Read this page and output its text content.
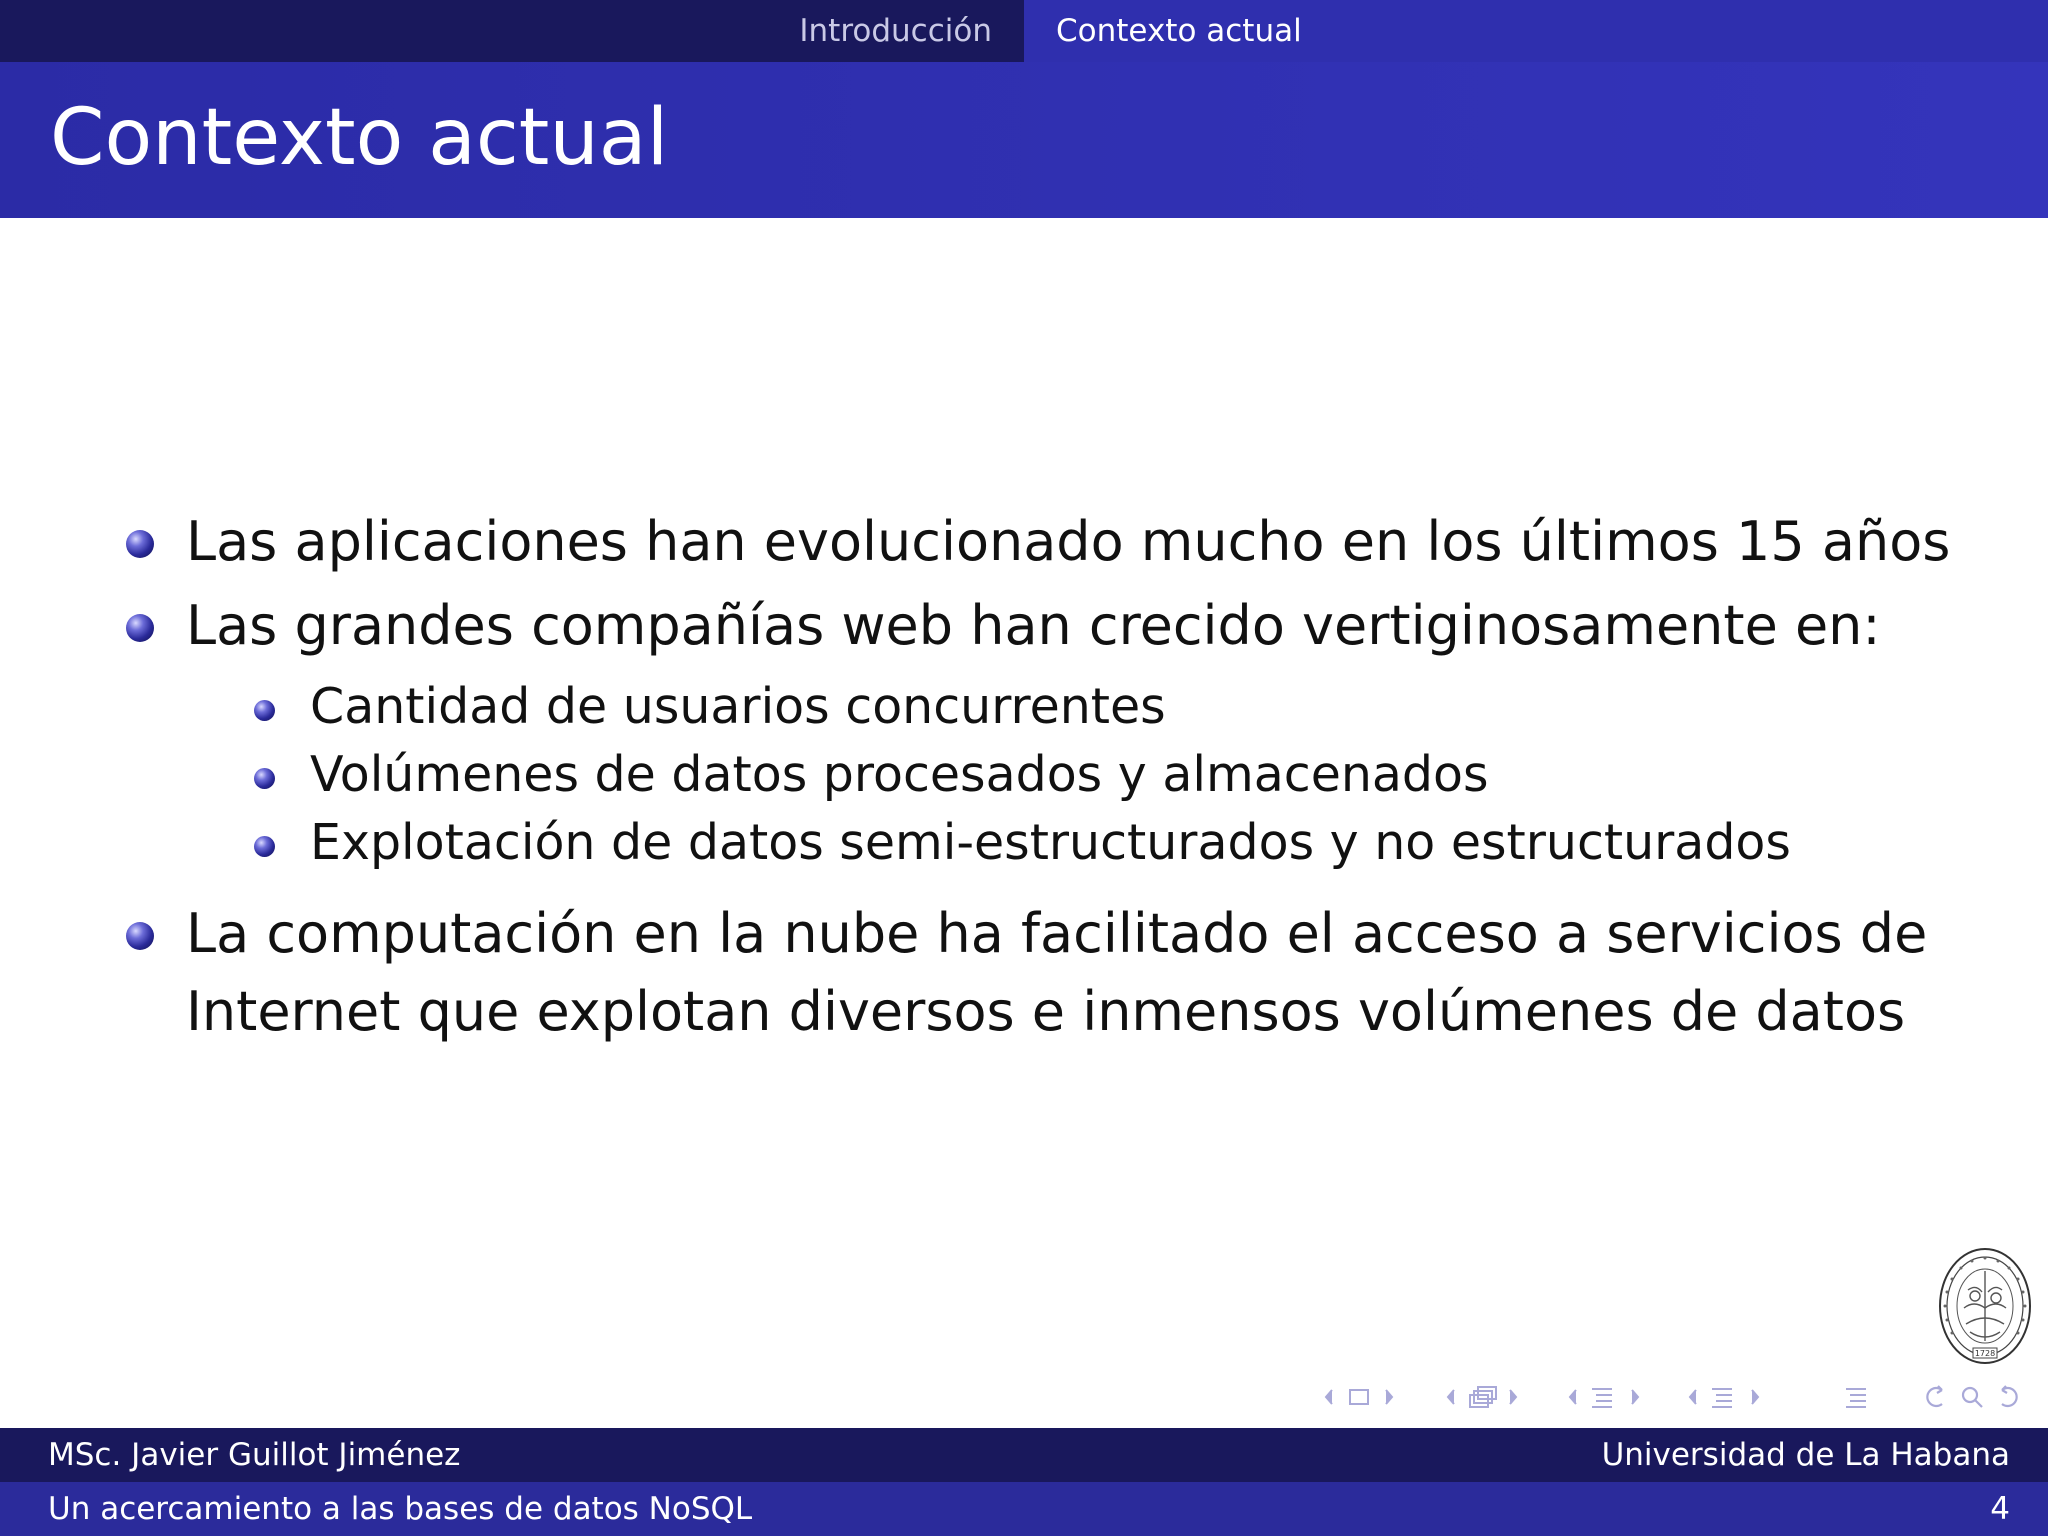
Introducción Contexto actual
Contexto actual
Las aplicaciones han evolucionado mucho en los últimos 15 años
Las grandes compañías web han crecido vertiginosamente en:
Cantidad de usuarios concurrentes
Volúmenes de datos procesados y almacenados
Explotación de datos semi-estructurados y no estructurados
La computación en la nube ha facilitado el acceso a servicios de
Internet que explotan diversos e inmensos volúmenes de datos
1728
MSc. Javier Guillot Jiménez	Universidad de La Habana
Un acercamiento a las bases de datos NoSQL	4
